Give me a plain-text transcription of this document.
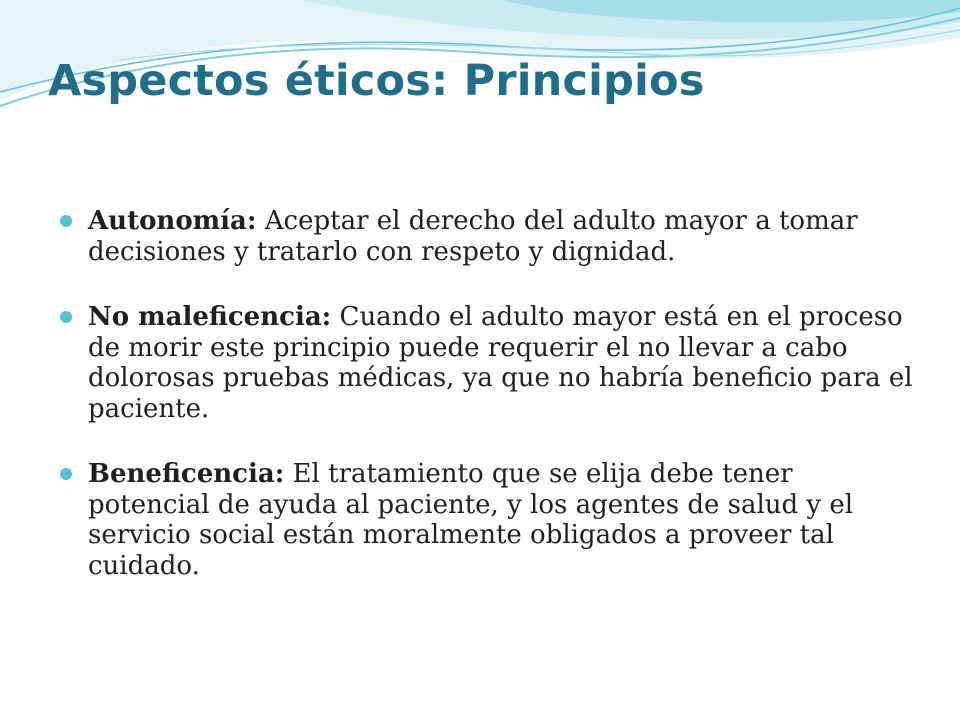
Aspectos éticos: Principios
Autonomía: Aceptar el derecho del adulto mayor a tomar decisiones y tratarlo con respeto y dignidad.
No maleficencia: Cuando el adulto mayor está en el proceso de morir este principio puede requerir el no llevar a cabo dolorosas pruebas médicas, ya que no habría beneficio para el paciente.
Beneficencia: El tratamiento que se elija debe tener potencial de ayuda al paciente, y los agentes de salud y el servicio social están moralmente obligados a proveer tal cuidado.
